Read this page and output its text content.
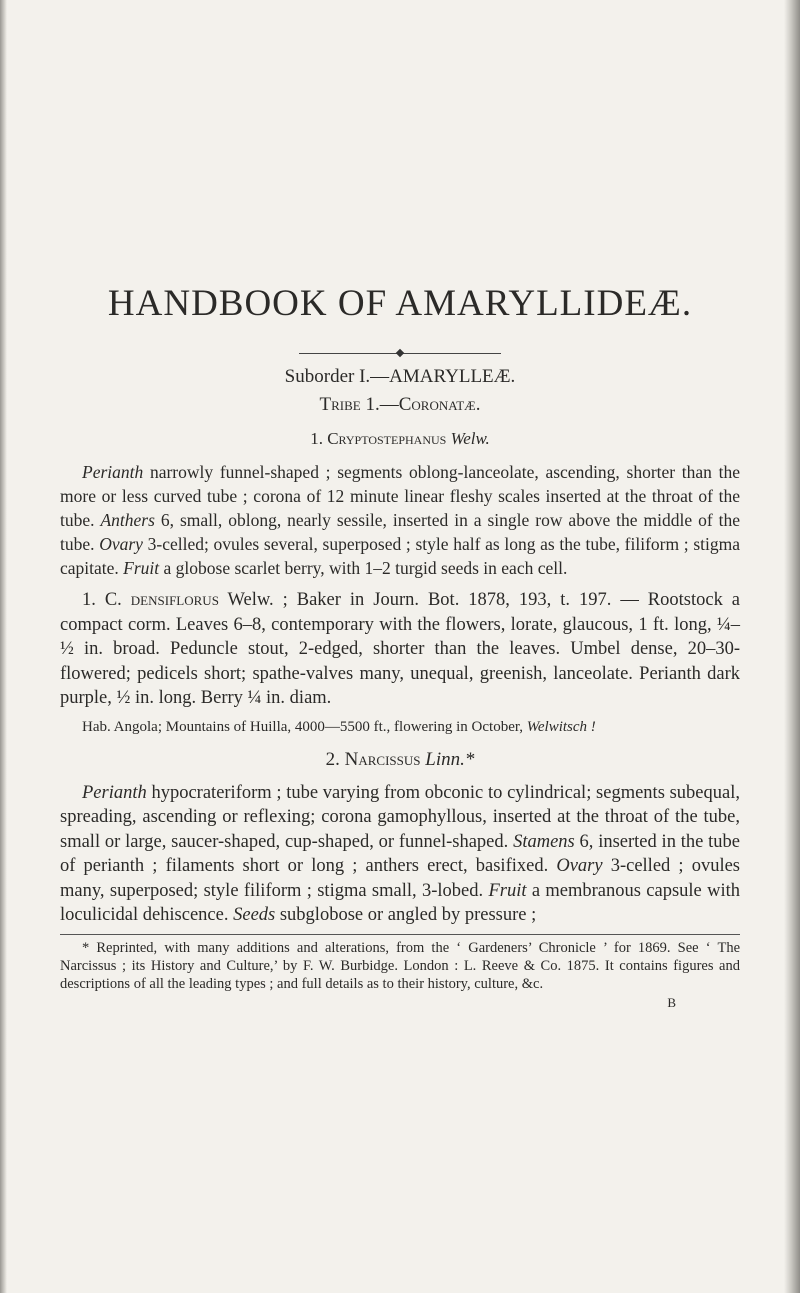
HANDBOOK OF AMARYLLIDEÆ.
Suborder I.—AMARYLLEÆ.
Tribe 1.—Coronatæ.
1. Cryptostephanus Welw.

Perianth narrowly funnel-shaped ; segments oblong-lanceolate, ascending, shorter than the more or less curved tube ; corona of 12 minute linear fleshy scales inserted at the throat of the tube. Anthers 6, small, oblong, nearly sessile, inserted in a single row above the middle of the tube. Ovary 3-celled; ovules several, superposed ; style half as long as the tube, filiform ; stigma capitate. Fruit a globose scarlet berry, with 1–2 turgid seeds in each cell.

1. C. densiflorus Welw. ; Baker in Journ. Bot. 1878, 193, t. 197. — Rootstock a compact corm. Leaves 6–8, contemporary with the flowers, lorate, glaucous, 1 ft. long, ¼–½ in. broad. Peduncle stout, 2-edged, shorter than the leaves. Umbel dense, 20–30-flowered; pedicels short; spathe-valves many, unequal, greenish, lanceolate. Perianth dark purple, ½ in. long. Berry ¼ in. diam.

Hab. Angola; Mountains of Huilla, 4000—5500 ft., flowering in October, Welwitsch !

2. Narcissus Linn.*

Perianth hypocrateriform ; tube varying from obconic to cylindrical; segments subequal, spreading, ascending or reflexing; corona gamophyllous, inserted at the throat of the tube, small or large, saucer-shaped, cup-shaped, or funnel-shaped. Stamens 6, inserted in the tube of perianth ; filaments short or long ; anthers erect, basifixed. Ovary 3-celled ; ovules many, superposed; style filiform ; stigma small, 3-lobed. Fruit a membranous capsule with loculicidal dehiscence. Seeds subglobose or angled by pressure ;

* Reprinted, with many additions and alterations, from the ‘ Gardeners’ Chronicle ’ for 1869. See ‘ The Narcissus ; its History and Culture,’ by F. W. Burbidge. London : L. Reeve & Co. 1875. It contains figures and descriptions of all the leading types ; and full details as to their history, culture, &c.

B
